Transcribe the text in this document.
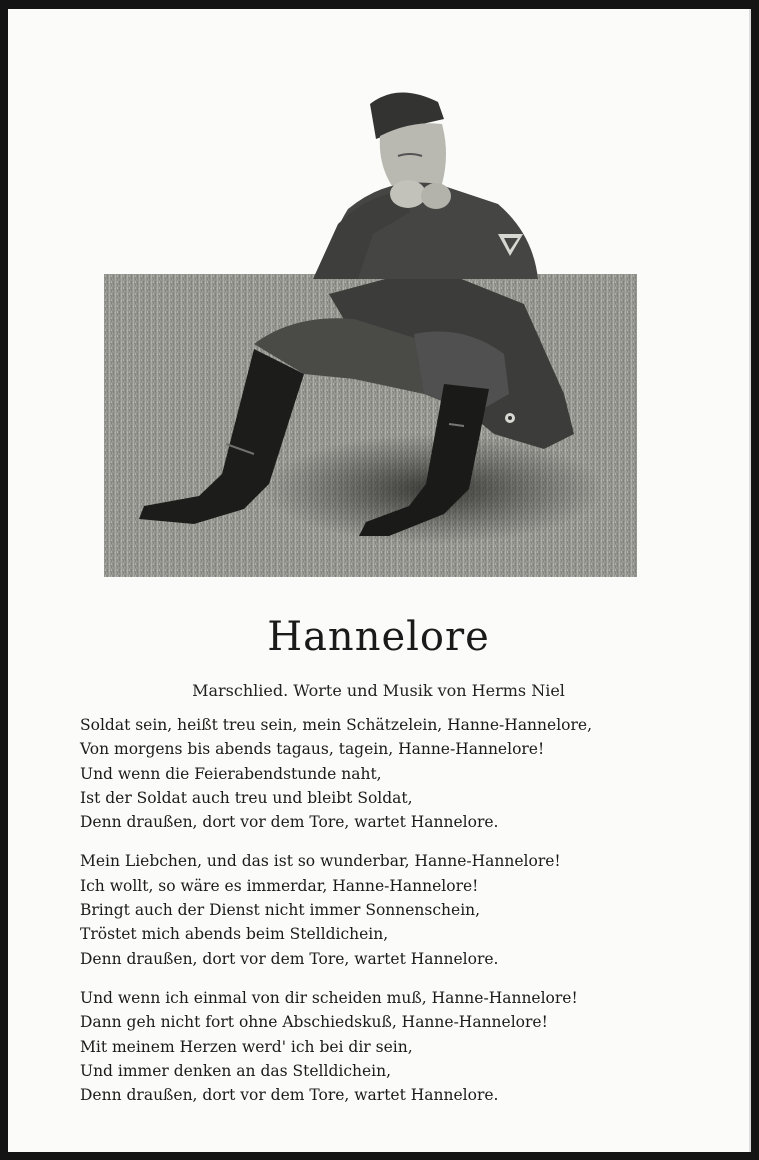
Hannelore
Marschlied. Worte und Musik von Herms Niel
Soldat sein, heißt treu sein, mein Schätzelein, Hanne-Hannelore,
Von morgens bis abends tagaus, tagein, Hanne-Hannelore!
Und wenn die Feierabendstunde naht,
Ist der Soldat auch treu und bleibt Soldat,
Denn draußen, dort vor dem Tore, wartet Hannelore.
Mein Liebchen, und das ist so wunderbar, Hanne-Hannelore!
Ich wollt, so wäre es immerdar, Hanne-Hannelore!
Bringt auch der Dienst nicht immer Sonnenschein,
Tröstet mich abends beim Stelldichein,
Denn draußen, dort vor dem Tore, wartet Hannelore.
Und wenn ich einmal von dir scheiden muß, Hanne-Hannelore!
Dann geh nicht fort ohne Abschiedskuß, Hanne-Hannelore!
Mit meinem Herzen werd' ich bei dir sein,
Und immer denken an das Stelldichein,
Denn draußen, dort vor dem Tore, wartet Hannelore.
